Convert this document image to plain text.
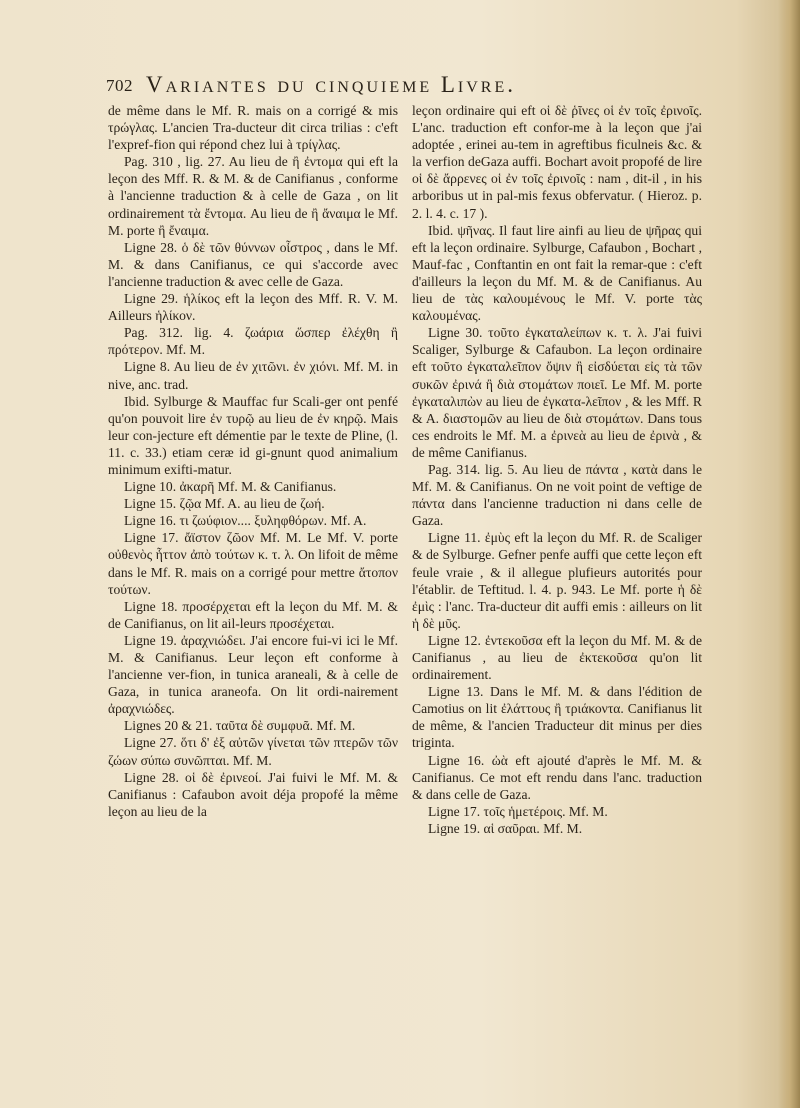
702 Variantes du cinquieme Livre.

de même dans le Mf. R. mais on a corrigé & mis τρώγλας. L'ancien Tra-ducteur dit circa trilias : c'eft l'expref-fion qui répond chez lui à τρίγλας.

Pag. 310 , lig. 27. Au lieu de ἢ ἐντομα qui eft la leçon des Mff. R. & M. & de Canifianus , conforme à l'ancienne traduction & à celle de Gaza , on lit ordinairement τὰ ἔντομα. Au lieu de ἢ ἄναιμα le Mf. M. porte ἢ ἔναιμα.

Ligne 28. ὁ δὲ τῶν θύννων οἶστρος , dans le Mf. M. & dans Canifianus, ce qui s'accorde avec l'ancienne traduction & avec celle de Gaza.

Ligne 29. ἡλίκος eft la leçon des Mff. R. V. M. Ailleurs ἡλίκον.

Pag. 312. lig. 4. ζωάρια ὥσπερ ἐλέχθη ἢ πρότερον. Mf. M.

Ligne 8. Au lieu de ἐν χιτῶνι. ἐν χιόνι. Mf. M. in nive, anc. trad.

Ibid. Sylburge & Mauffac fur Scali-ger ont penfé qu'on pouvoit lire ἐν τυρῷ au lieu de ἐν κηρῷ. Mais leur con-jecture eft démentie par le texte de Pline, (l. 11. c. 33.) etiam ceræ id gi-gnunt quod animalium minimum exifti-matur.

Ligne 10. ἀκαρῆ Mf. M. & Canifianus.

Ligne 15. ζῷα Mf. A. au lieu de ζωή.

Ligne 16. τι ζωύφιον.... ξυληφθόρων. Mf. A.

Ligne 17. ἄϊστον ζῶον Mf. M. Le Mf. V. porte οὐθενὸς ἧττον ἀπὸ τούτων κ. τ. λ. On lifoit de même dans le Mf. R. mais on a corrigé pour mettre ἄτοπον τούτων.

Ligne 18. προσέρχεται eft la leçon du Mf. M. & de Canifianus, on lit ail-leurs προσέχεται.

Ligne 19. ἀραχνιώδει. J'ai encore fui-vi ici le Mf. M. & Canifianus. Leur leçon eft conforme à l'ancienne ver-fion, in tunica araneali, & à celle de Gaza, in tunica araneofa. On lit ordi-nairement ἀραχνιώδες.

Lignes 20 & 21. ταῦτα δὲ συμφυᾶ. Mf. M.

Ligne 27. ὅτι δ' ἐξ αὐτῶν γίνεται τῶν πτερῶν τῶν ζώων σύπω συνῶπται. Mf. M.

Ligne 28. οἱ δὲ ἐρινεοί. J'ai fuivi le Mf. M. & Canifianus : Cafaubon avoit déja propofé la même leçon au lieu de la

leçon ordinaire qui eft οἱ δὲ ῥῖνες οἱ ἐν τοῖς ἐρινοῖς. L'anc. traduction eft confor-me à la leçon que j'ai adoptée , erinei au-tem in agreftibus ficulneis &c. & la verfion deGaza auffi. Bochart avoit propofé de lire οἱ δὲ ἄρρενες οἱ ἐν τοῖς ἐρινοῖς : nam , dit-il , in his arboribus ut in pal-mis fexus obfervatur. ( Hieroz. p. 2. l. 4. c. 17 ).

Ibid. ψῆνας. Il faut lire ainfi au lieu de ψῆρας qui eft la leçon ordinaire. Sylburge, Cafaubon , Bochart , Mauf-fac , Conftantin en ont fait la remar-que : c'eft d'ailleurs la leçon du Mf. M. & de Canifianus. Au lieu de τὰς καλουμένους le Mf. V. porte τὰς καλουμένας.

Ligne 30. τοῦτο ἐγκαταλείπων κ. τ. λ. J'ai fuivi Scaliger, Sylburge & Cafaubon. La leçon ordinaire eft τοῦτο ἐγκαταλεῖπον ὄψιν ἢ εἰσδύεται εἰς τὰ τῶν συκῶν ἐρινά ἢ διὰ στομάτων ποιεῖ. Le Mf. M. porte ἐγκαταλιπὼν au lieu de ἐγκατα-λεῖπον , & les Mff. R & A. διαστομῶν au lieu de διὰ στομάτων. Dans tous ces endroits le Mf. M. a ἐρινεὰ au lieu de ἐρινὰ , & de même Canifianus.

Pag. 314. lig. 5. Au lieu de πάντα , κατὰ dans le Mf. M. & Canifianus. On ne voit point de veftige de πάντα dans l'ancienne traduction ni dans celle de Gaza.

Ligne 11. ἐμὺς eft la leçon du Mf. R. de Scaliger & de Sylburge. Gefner penfe auffi que cette leçon eft feule vraie , & il allegue plufieurs autorités pour l'établir. de Teftitud. l. 4. p. 943. Le Mf. porte ἡ δὲ ἐμὶς : l'anc. Tra-ducteur dit auffi emis : ailleurs on lit ἡ δὲ μῦς.

Ligne 12. ἐντεκοῦσα eft la leçon du Mf. M. & de Canifianus , au lieu de ἐκτεκοῦσα qu'on lit ordinairement.

Ligne 13. Dans le Mf. M. & dans l'édition de Camotius on lit ἐλάττους ἢ τριάκοντα. Canifianus lit de même, & l'ancien Traducteur dit minus per dies triginta.

Ligne 16. ὠὰ eft ajouté d'après le Mf. M. & Canifianus. Ce mot eft rendu dans l'anc. traduction & dans celle de Gaza.

Ligne 17. τοῖς ἡμετέροις. Mf. M.

Ligne 19. αἱ σαῦραι. Mf. M.
